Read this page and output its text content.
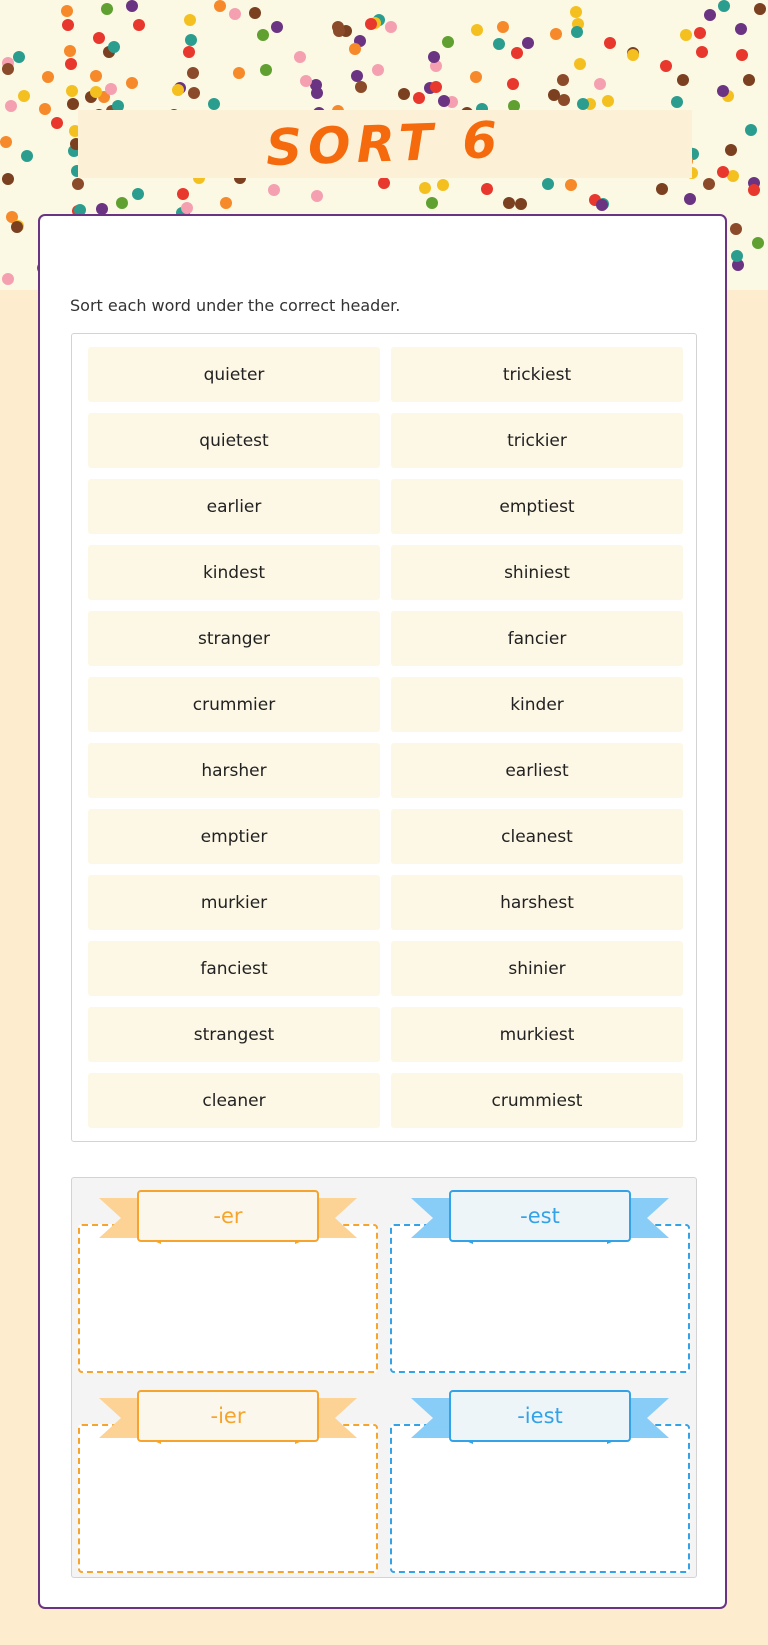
SORT 6
Sort each word under the correct header.
quieter	trickiest
quietest	trickier
earlier	emptiest
kindest	shiniest
stranger	fancier
crummier	kinder
harsher	earliest
emptier	cleanest
murkier	harshest
fanciest	shinier
strangest	murkiest
cleaner	crummiest
-er	-est
-ier	-iest
